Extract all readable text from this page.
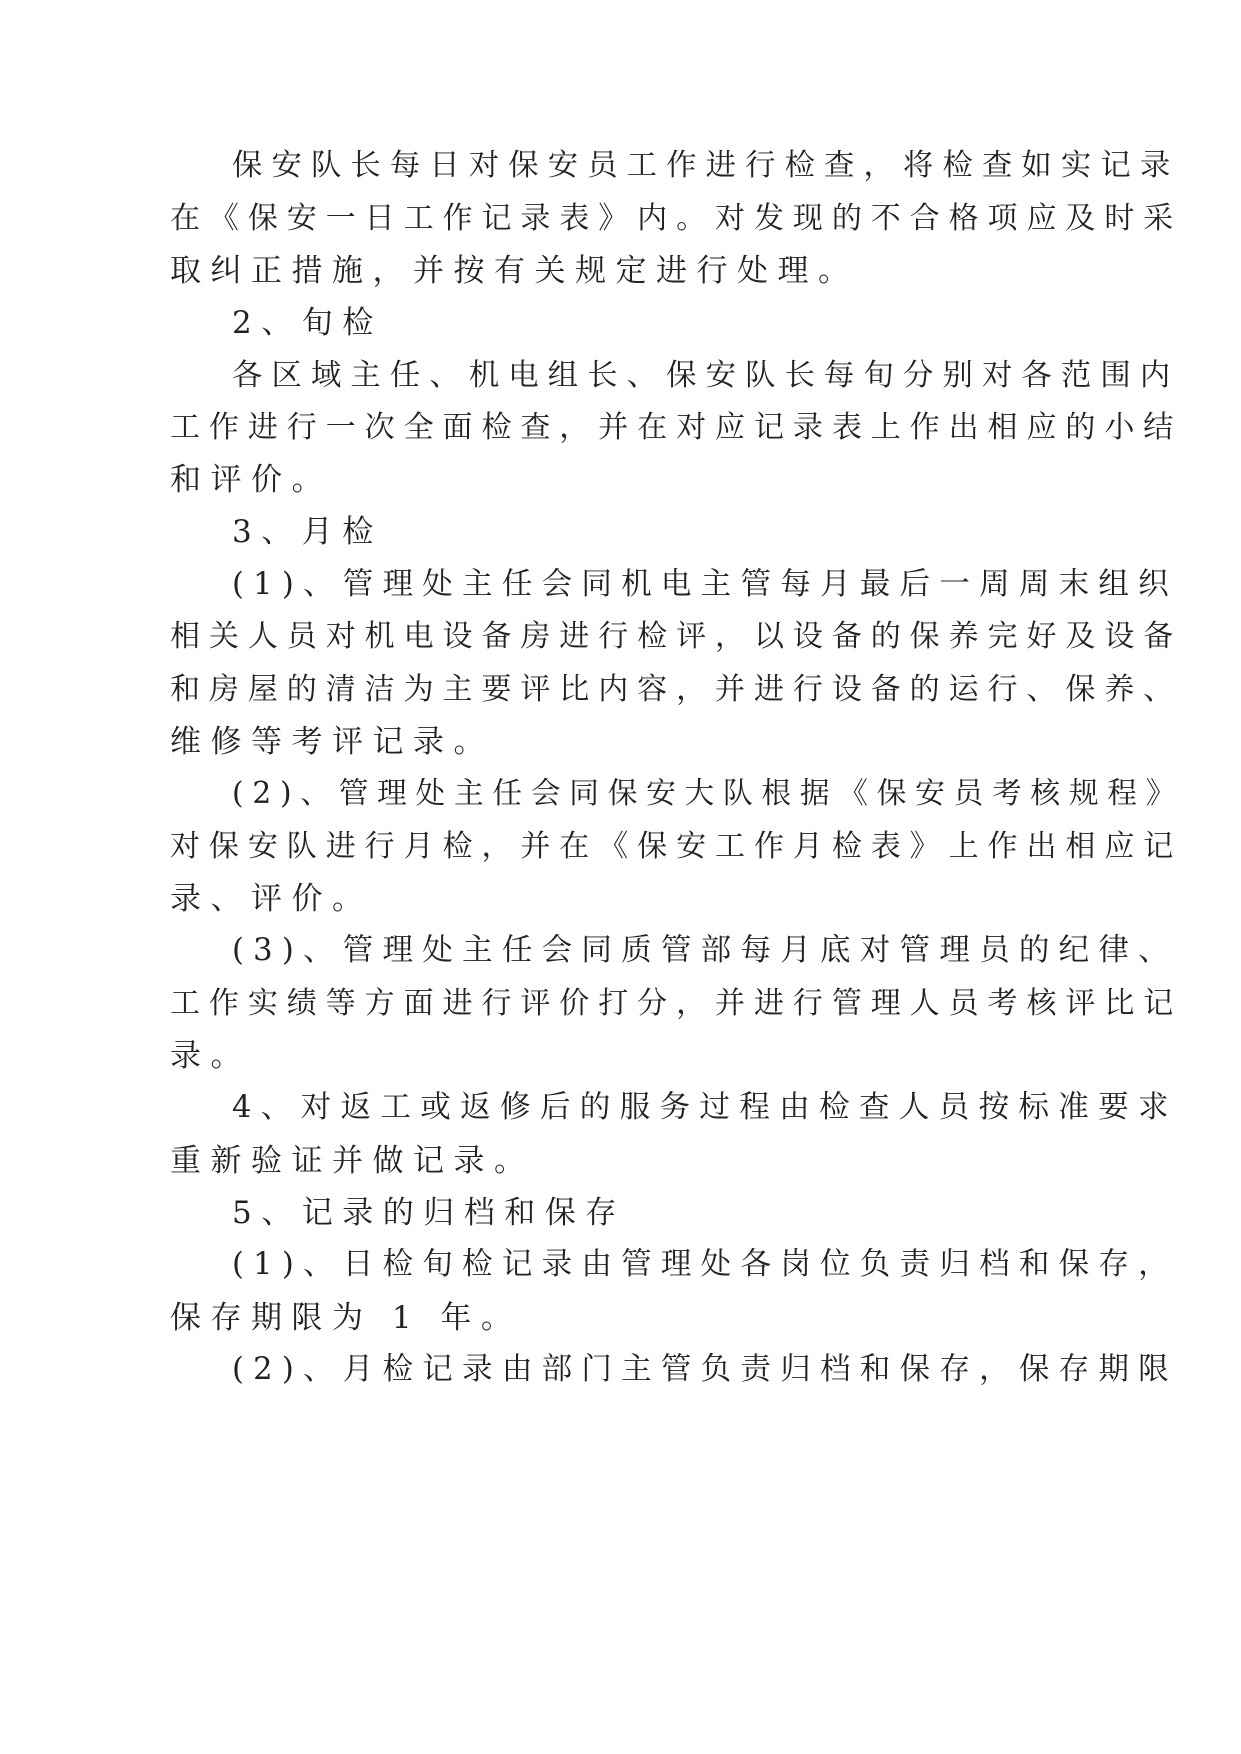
保安队长每日对保安员工作进行检查，将检查如实记录
在《保安一日工作记录表》内。对发现的不合格项应及时采
取纠正措施，并按有关规定进行处理。
2、旬检
各区域主任、机电组长、保安队长每旬分别对各范围内
工作进行一次全面检查，并在对应记录表上作出相应的小结
和评价。
3、月检
(1)、管理处主任会同机电主管每月最后一周周末组织
相关人员对机电设备房进行检评，以设备的保养完好及设备
和房屋的清洁为主要评比内容，并进行设备的运行、保养、
维修等考评记录。
(2)、管理处主任会同保安大队根据《保安员考核规程》
对保安队进行月检，并在《保安工作月检表》上作出相应记
录、评价。
(3)、管理处主任会同质管部每月底对管理员的纪律、
工作实绩等方面进行评价打分，并进行管理人员考核评比记
录。
4、对返工或返修后的服务过程由检查人员按标准要求
重新验证并做记录。
5、记录的归档和保存
(1)、日检旬检记录由管理处各岗位负责归档和保存，
保存期限为 1 年。
(2)、月检记录由部门主管负责归档和保存，保存期限
